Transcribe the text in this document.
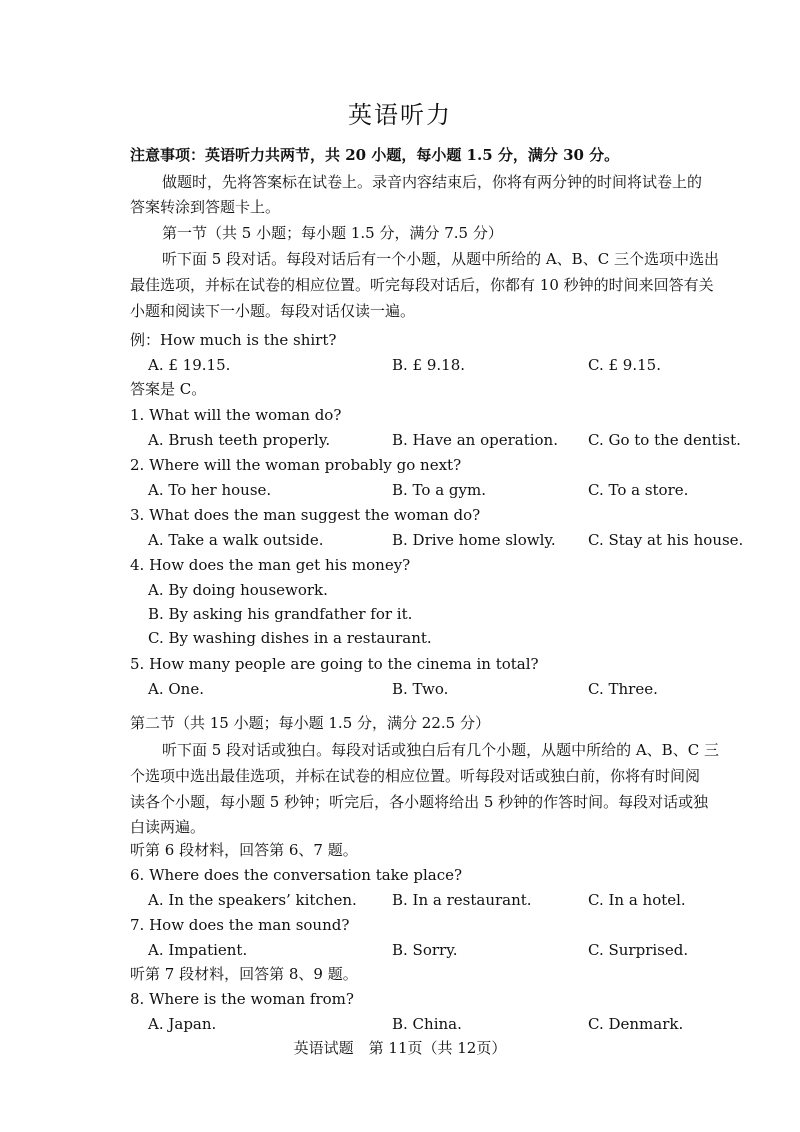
英语听力
注意事项：英语听力共两节，共 20 小题，每小题 1.5 分，满分 30 分。
做题时，先将答案标在试卷上。录音内容结束后，你将有两分钟的时间将试卷上的
答案转涂到答题卡上。
第一节（共 5 小题；每小题 1.5 分，满分 7.5 分）
听下面 5 段对话。每段对话后有一个小题，从题中所给的 A、B、C 三个选项中选出
最佳选项，并标在试卷的相应位置。听完每段对话后，你都有 10 秒钟的时间来回答有关
小题和阅读下一小题。每段对话仅读一遍。
例：How much is the shirt?
A. £ 19.15.	B. £ 9.18.	C. £ 9.15.
答案是 C。
1. What will the woman do?
A. Brush teeth properly.	B. Have an operation. C. Go to the dentist.
2. Where will the woman probably go next?
A. To her house.	B. To a gym.	C. To a store.
3. What does the man suggest the woman do?
A. Take a walk outside.	B. Drive home slowly. C. Stay at his house.
4. How does the man get his money?
A. By doing housework.
B. By asking his grandfather for it.
C. By washing dishes in a restaurant.
5. How many people are going to the cinema in total?
A. One.	B. Two.	C. Three.
第二节（共 15 小题；每小题 1.5 分，满分 22.5 分）
听下面 5 段对话或独白。每段对话或独白后有几个小题，从题中所给的 A、B、C 三
个选项中选出最佳选项，并标在试卷的相应位置。听每段对话或独白前，你将有时间阅
读各个小题，每小题 5 秒钟；听完后，各小题将给出 5 秒钟的作答时间。每段对话或独
白读两遍。
听第 6 段材料，回答第 6、7 题。
6. Where does the conversation take place?
A. In the speakers’ kitchen. B. In a restaurant.	C. In a hotel.
7. How does the man sound?
A. Impatient.	B. Sorry.	C. Surprised.
听第 7 段材料，回答第 8、9 题。
8. Where is the woman from?
A. Japan.	B. China.	C. Denmark.
英语试题　第 11页（共 12页）
